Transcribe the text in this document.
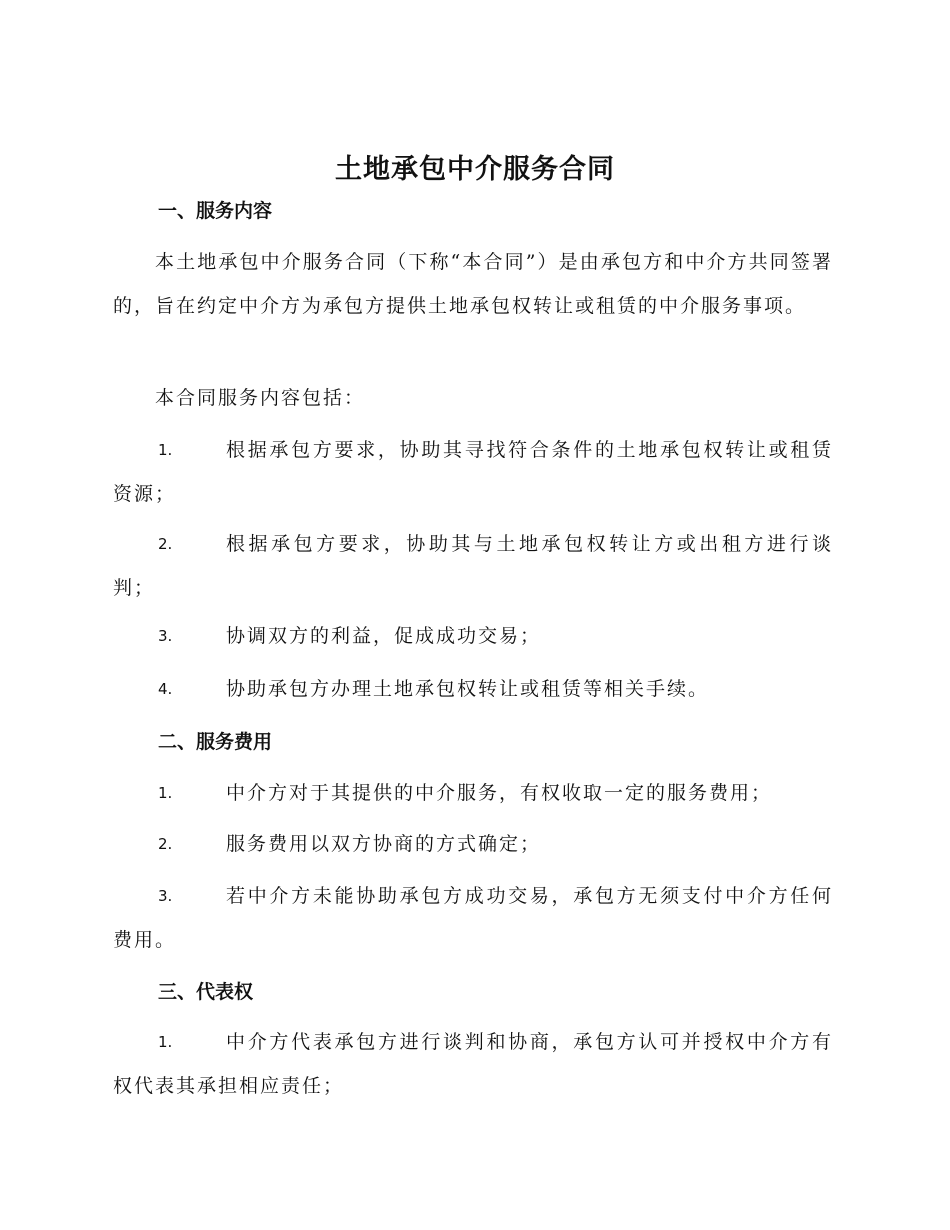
土地承包中介服务合同
一、服务内容
本土地承包中介服务合同（下称“本合同”）是由承包方和中介方共同签署的，旨在约定中介方为承包方提供土地承包权转让或租赁的中介服务事项。
本合同服务内容包括：
1.	根据承包方要求，协助其寻找符合条件的土地承包权转让或租赁资源；
2.	根据承包方要求，协助其与土地承包权转让方或出租方进行谈判；
3.	协调双方的利益，促成成功交易；
4.	协助承包方办理土地承包权转让或租赁等相关手续。
二、服务费用
1.	中介方对于其提供的中介服务，有权收取一定的服务费用；
2.	服务费用以双方协商的方式确定；
3.	若中介方未能协助承包方成功交易，承包方无须支付中介方任何费用。
三、代表权
1.	中介方代表承包方进行谈判和协商，承包方认可并授权中介方有权代表其承担相应责任；
